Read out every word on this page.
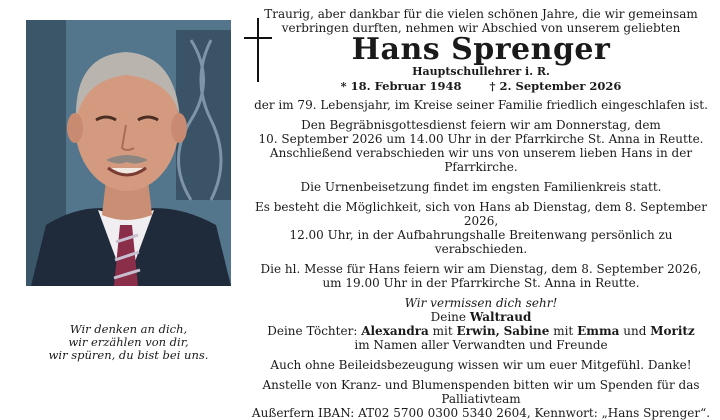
Wir denken an dich,
wir erzählen von dir,
wir spüren, du bist bei uns.

Traurig, aber dankbar für die vielen schönen Jahre, die wir gemeinsam

verbringen durften, nehmen wir Abschied von unserem geliebten

Hans Sprenger

Hauptschullehrer i. R.

* 18. Februar 1948 † 2. September 2026

der im 79. Lebensjahr, im Kreise seiner Familie friedlich eingeschlafen ist.

Den Begräbnisgottesdienst feiern wir am Donnerstag, dem

10. September 2026 um 14.00 Uhr in der Pfarrkirche St. Anna in Reutte.

Anschließend verabschieden wir uns von unserem lieben Hans in der Pfarrkirche.

Die Urnenbeisetzung findet im engsten Familienkreis statt.

Es besteht die Möglichkeit, sich von Hans ab Dienstag, dem 8. September 2026,

12.00 Uhr, in der Aufbahrungshalle Breitenwang persönlich zu verabschieden.

Die hl. Messe für Hans feiern wir am Dienstag, dem 8. September 2026,

um 19.00 Uhr in der Pfarrkirche St. Anna in Reutte.

Wir vermissen dich sehr!

Deine Waltraud

Deine Töchter: Alexandra mit Erwin, Sabine mit Emma und Moritz

im Namen aller Verwandten und Freunde

Auch ohne Beileidsbezeugung wissen wir um euer Mitgefühl. Danke!

Anstelle von Kranz- und Blumenspenden bitten wir um Spenden für das Palliativteam

Außerfern IBAN: AT02 5700 0300 5340 2604, Kennwort: „Hans Sprenger“.
